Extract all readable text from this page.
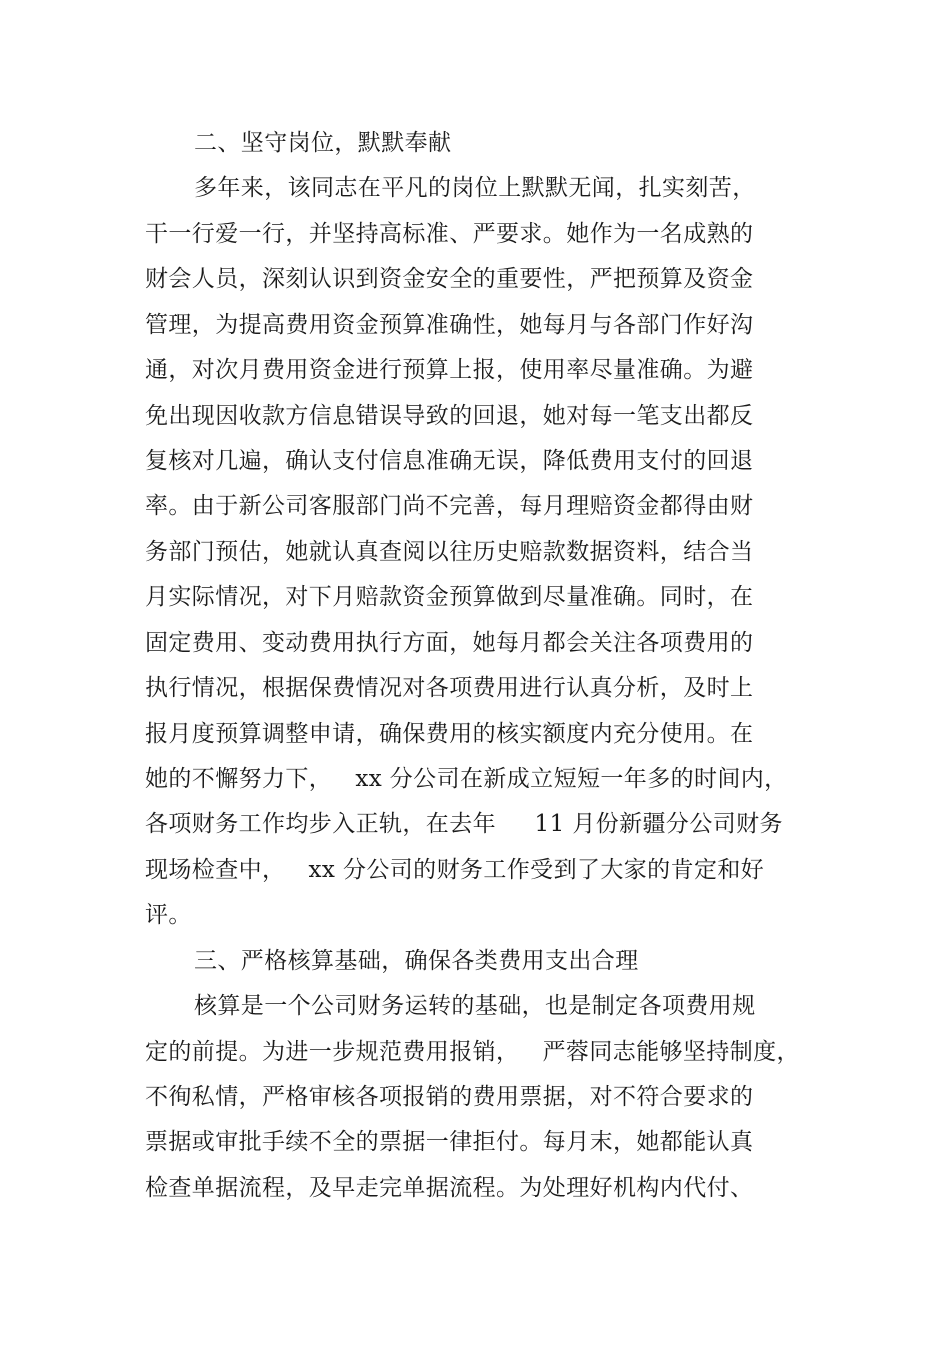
二、坚守岗位，默默奉献
多年来，该同志在平凡的岗位上默默无闻，扎实刻苦，
干一行爱一行，并坚持高标准、严要求。她作为一名成熟的
财会人员，深刻认识到资金安全的重要性，严把预算及资金
管理，为提高费用资金预算准确性，她每月与各部门作好沟
通，对次月费用资金进行预算上报，使用率尽量准确。为避
免出现因收款方信息错误导致的回退，她对每一笔支出都反
复核对几遍，确认支付信息准确无误，降低费用支付的回退
率。由于新公司客服部门尚不完善，每月理赔资金都得由财
务部门预估，她就认真查阅以往历史赔款数据资料，结合当
月实际情况，对下月赔款资金预算做到尽量准确。同时，在
固定费用、变动费用执行方面，她每月都会关注各项费用的
执行情况，根据保费情况对各项费用进行认真分析，及时上
报月度预算调整申请，确保费用的核实额度内充分使用。在
她的不懈努力下，   xx 分公司在新成立短短一年多的时间内，
各项财务工作均步入正轨，在去年     11 月份新疆分公司财务
现场检查中，   xx 分公司的财务工作受到了大家的肯定和好
评。
三、严格核算基础，确保各类费用支出合理
核算是一个公司财务运转的基础，也是制定各项费用规
定的前提。为进一步规范费用报销，   严蓉同志能够坚持制度，
不徇私情，严格审核各项报销的费用票据，对不符合要求的
票据或审批手续不全的票据一律拒付。每月末，她都能认真
检查单据流程，及早走完单据流程。为处理好机构内代付、
